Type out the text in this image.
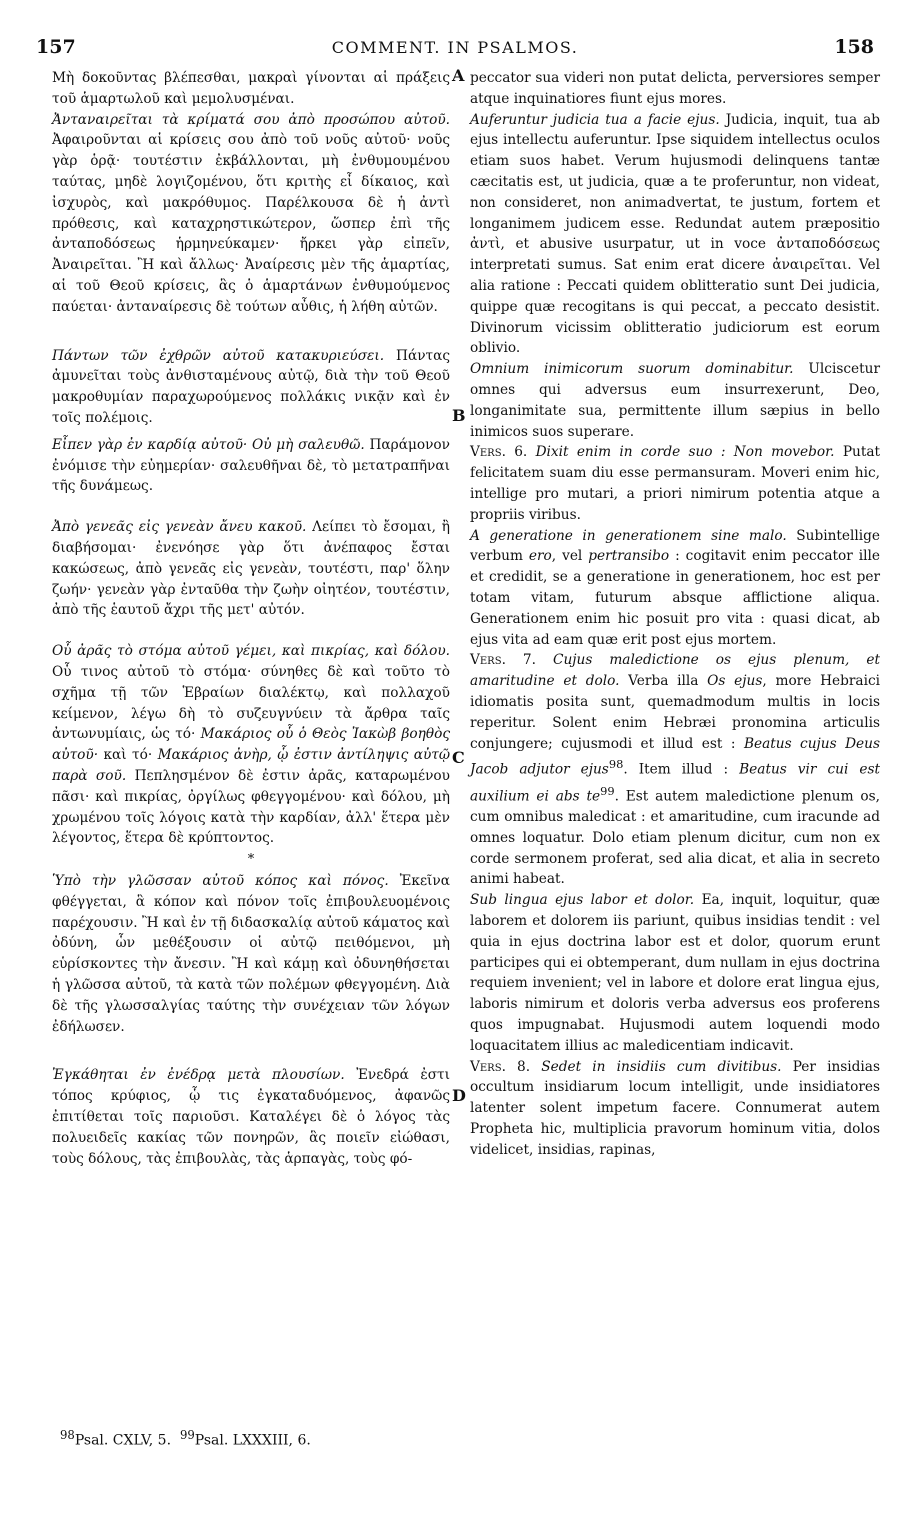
157	COMMENT. IN PSALMOS.	158
A
B
C
D

Μὴ δοκοῦντας βλέπεσθαι, μακραὶ γίνονται αἱ πράξεις τοῦ ἁμαρτωλοῦ καὶ μεμολυσμέναι.

Ἀνταναιρεῖται τὰ κρίματά σου ἀπὸ προσώπου αὐτοῦ. Ἀφαιροῦνται αἱ κρίσεις σου ἀπὸ τοῦ νοῦς αὐτοῦ· νοῦς γὰρ ὁρᾷ· τουτέστιν ἐκβάλλονται, μὴ ἐνθυμουμένου ταύτας, μηδὲ λογιζομένου, ὅτι κριτὴς εἶ δίκαιος, καὶ ἰσχυρὸς, καὶ μακρόθυμος. Παρέλκουσα δὲ ἡ ἀντὶ πρόθεσις, καὶ καταχρηστικώτερον, ὥσπερ ἐπὶ τῆς ἀνταποδόσεως ἡρμηνεύκαμεν· ἤρκει γὰρ εἰπεῖν, Ἀναιρεῖται. Ἢ καὶ ἄλλως· Ἀναίρεσις μὲν τῆς ἁμαρτίας, αἱ τοῦ Θεοῦ κρίσεις, ἃς ὁ ἁμαρτάνων ἐνθυμούμενος παύεται· ἀνταναίρεσις δὲ τούτων αὖθις, ἡ λήθη αὐτῶν.

Πάντων τῶν ἐχθρῶν αὐτοῦ κατακυριεύσει. Πάντας ἀμυνεῖται τοὺς ἀνθισταμένους αὐτῷ, διὰ τὴν τοῦ Θεοῦ μακροθυμίαν παραχωρούμενος πολλάκις νικᾷν καὶ ἐν τοῖς πολέμοις.

Εἶπεν γὰρ ἐν καρδίᾳ αὐτοῦ· Οὐ μὴ σαλευθῶ. Παράμονον ἐνόμισε τὴν εὐημερίαν· σαλευθῆναι δὲ, τὸ μετατραπῆναι τῆς δυνάμεως.

Ἀπὸ γενεᾶς εἰς γενεὰν ἄνευ κακοῦ. Λείπει τὸ ἔσομαι, ἢ διαβήσομαι· ἐνενόησε γὰρ ὅτι ἀνέπαφος ἔσται κακώσεως, ἀπὸ γενεᾶς εἰς γενεὰν, τουτέστι, παρ' ὅλην ζωήν· γενεὰν γὰρ ἐνταῦθα τὴν ζωὴν οἰητέον, τουτέστιν, ἀπὸ τῆς ἑαυτοῦ ἄχρι τῆς μετ' αὐτόν.

Οὗ ἀρᾶς τὸ στόμα αὐτοῦ γέμει, καὶ πικρίας, καὶ δόλου. Οὗ τινος αὐτοῦ τὸ στόμα· σύνηθες δὲ καὶ τοῦτο τὸ σχῆμα τῇ τῶν Ἑβραίων διαλέκτῳ, καὶ πολλαχοῦ κείμενον, λέγω δὴ τὸ συζευγνύειν τὰ ἄρθρα ταῖς ἀντωνυμίαις, ὡς τό· Μακάριος οὗ ὁ Θεὸς Ἰακὼβ βοηθὸς αὐτοῦ· καὶ τό· Μακάριος ἀνὴρ, ᾧ ἐστιν ἀντίληψις αὐτῷ παρὰ σοῦ. Πεπλησμένον δὲ ἐστιν ἀρᾶς, καταρωμένου πᾶσι· καὶ πικρίας, ὀργίλως φθεγγομένου· καὶ δόλου, μὴ χρωμένου τοῖς λόγοις κατὰ τὴν καρδίαν, ἀλλ' ἕτερα μὲν λέγοντος, ἕτερα δὲ κρύπτοντος.

*

Ὑπὸ τὴν γλῶσσαν αὐτοῦ κόπος καὶ πόνος. Ἐκεῖνα φθέγγεται, ἃ κόπον καὶ πόνον τοῖς ἐπιβουλευομένοις παρέχουσιν. Ἢ καὶ ἐν τῇ διδασκαλίᾳ αὐτοῦ κάματος καὶ ὀδύνη, ὧν μεθέξουσιν οἱ αὐτῷ πειθόμενοι, μὴ εὑρίσκοντες τὴν ἄνεσιν. Ἢ καὶ κάμῃ καὶ ὀδυνηθήσεται ἡ γλῶσσα αὐτοῦ, τὰ κατὰ τῶν πολέμων φθεγγομένη. Διὰ δὲ τῆς γλωσσαλγίας ταύτης τὴν συνέχειαν τῶν λόγων ἐδήλωσεν.

Ἐγκάθηται ἐν ἐνέδρᾳ μετὰ πλουσίων. Ἐνεδρά ἐστι τόπος κρύφιος, ᾧ τις ἐγκαταδυόμενος, ἀφανῶς ἐπιτίθεται τοῖς παριοῦσι. Καταλέγει δὲ ὁ λόγος τὰς πολυειδεῖς κακίας τῶν πονηρῶν, ἃς ποιεῖν εἰώθασι, τοὺς δόλους, τὰς ἐπιβουλὰς, τὰς ἁρπαγὰς, τοὺς φό-

peccator sua videri non putat delicta, perversiores semper atque inquinatiores fiunt ejus mores.

Auferuntur judicia tua a facie ejus. Judicia, inquit, tua ab ejus intellectu auferuntur. Ipse siquidem intellectus oculos etiam suos habet. Verum hujusmodi delinquens tantæ cæcitatis est, ut judicia, quæ a te proferuntur, non videat, non consideret, non animadvertat, te justum, fortem et longanimem judicem esse. Redundat autem præpositio ἀντὶ, et abusive usurpatur, ut in voce ἀνταποδόσεως interpretati sumus. Sat enim erat dicere ἀναιρεῖται. Vel alia ratione : Peccati quidem oblitteratio sunt Dei judicia, quippe quæ recogitans is qui peccat, a peccato desistit. Divinorum vicissim oblitteratio judiciorum est eorum oblivio.

Omnium inimicorum suorum dominabitur. Ulciscetur omnes qui adversus eum insurrexerunt, Deo, longanimitate sua, permittente illum sæpius in bello inimicos suos superare.

Vers. 6. Dixit enim in corde suo : Non movebor. Putat felicitatem suam diu esse permansuram. Moveri enim hic, intellige pro mutari, a priori nimirum potentia atque a propriis viribus.

A generatione in generationem sine malo. Subintellige verbum ero, vel pertransibo : cogitavit enim peccator ille et credidit, se a generatione in generationem, hoc est per totam vitam, futurum absque afflictione aliqua. Generationem enim hic posuit pro vita : quasi dicat, ab ejus vita ad eam quæ erit post ejus mortem.

Vers. 7. Cujus maledictione os ejus plenum, et amaritudine et dolo. Verba illa Os ejus, more Hebraici idiomatis posita sunt, quemadmodum multis in locis reperitur. Solent enim Hebræi pronomina articulis conjungere; cujusmodi et illud est : Beatus cujus Deus Jacob adjutor ejus$^{98}$. Item illud : Beatus vir cui est auxilium ei abs $te^{99}$. Est autem maledictione plenum os, cum omnibus maledicat : et amaritudine, cum iracunde ad omnes loquatur. Dolo etiam plenum dicitur, cum non ex corde sermonem proferat, sed alia dicat, et alia in secreto animi habeat.

Sub lingua ejus labor et dolor. Ea, inquit, loquitur, quæ laborem et dolorem iis pariunt, quibus insidias tendit : vel quia in ejus doctrina labor est et dolor, quorum erunt participes qui ei obtemperant, dum nullam in ejus doctrina requiem invenient; vel in labore et dolore erat lingua ejus, laboris nimirum et doloris verba adversus eos proferens quos impugnabat. Hujusmodi autem loquendi modo loquacitatem illius ac maledicentiam indicavit.

Vers. 8. Sedet in insidiis cum divitibus. Per insidias occultum insidiarum locum intelligit, unde insidiatores latenter solent impetum facere. Connumerat autem Propheta hic, multiplicia pravorum hominum vitia, dolos videlicet, insidias, rapinas,

$^{98}$Psal. CXLV, 5. $^{99}$Psal. LXXXIII, 6.
